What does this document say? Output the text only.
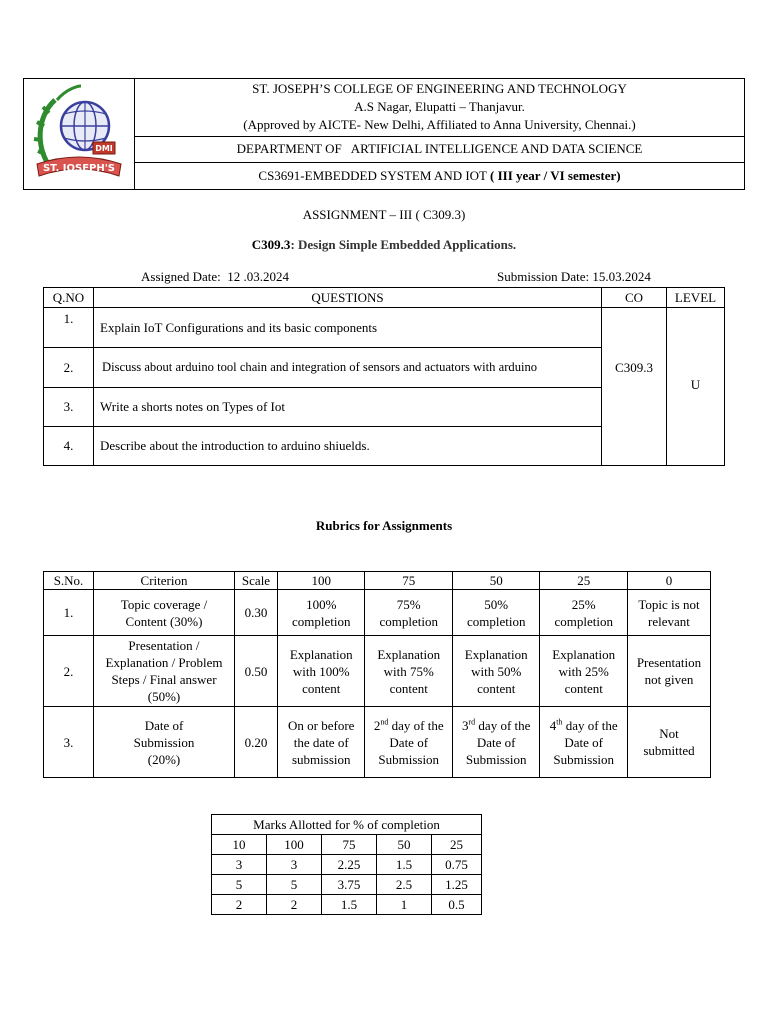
DMI
ST. JOSEPH'S

ST. JOSEPH’S COLLEGE OF ENGINEERING AND TECHNOLOGY
A.S Nagar, Elupatti – Thanjavur.
(Approved by AICTE- New Delhi, Affiliated to Anna University, Chennai.)

DEPARTMENT OF   ARTIFICIAL INTELLIGENCE AND DATA SCIENCE
CS3691-EMBEDDED SYSTEM AND IOT ( III year / VI semester)
ASSIGNMENT – III ( C309.3)
C309.3: Design Simple Embedded Applications.
Assigned Date:  12 .03.2024	Submission Date: 15.03.2024
Q.NO	QUESTIONS	CO	LEVEL
1.	Explain IoT Configurations and its basic components	C309.3	U
2.	Discuss about arduino tool chain and integration of sensors and actuators with arduino		
3.	Write a shorts notes on Types of Iot		
4.	Describe about the introduction to arduino shiuelds.		
Rubrics for Assignments
S.No.	Criterion	Scale	100	75	50	25	0
1.	Topic coverage / Content (30%)	0.30	100% completion	75% completion	50% completion	25% completion	Topic is not relevant
2.	Presentation / Explanation / Problem Steps / Final answer (50%)	0.50	Explanation with 100% content	Explanation with 75% content	Explanation with 50% content	Explanation with 25% content	Presentation not given
3.	Date of
Submission
(20%)	0.20	On or before the date of submission	2nd day of the Date of Submission	3rd day of the Date of Submission	4th day of the Date of Submission	Not submitted
Marks Allotted for % of completion				
10	100	75	50	25
3	3	2.25	1.5	0.75
5	5	3.75	2.5	1.25
2	2	1.5	1	0.5
